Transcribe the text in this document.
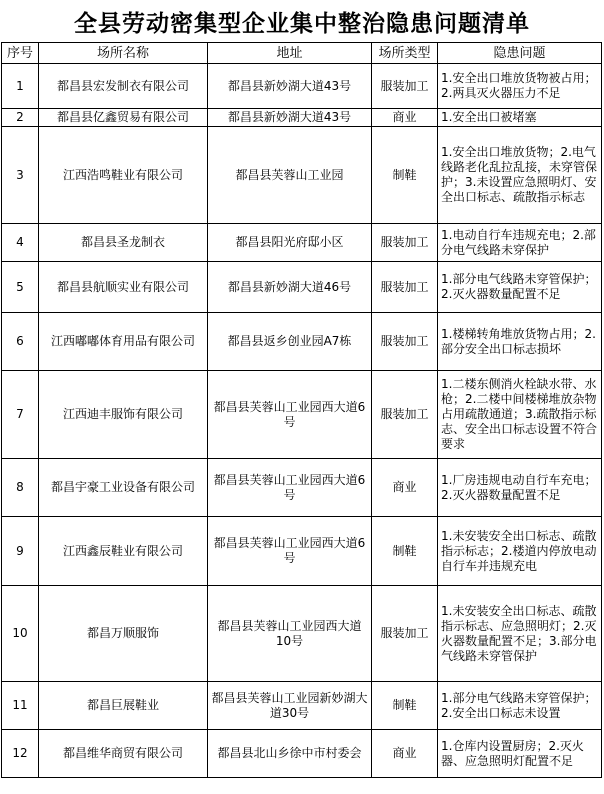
全县劳动密集型企业集中整治隐患问题清单
序号	场所名称	地址	场所类型	隐患问题
1	都昌县宏发制衣有限公司	都昌县新妙湖大道43号	服装加工	1.安全出口堆放货物被占用；2.两具灭火器压力不足
2	都昌县亿鑫贸易有限公司	都昌县新妙湖大道43号	商业	1.安全出口被堵塞
3	江西浩鸣鞋业有限公司	都昌县芙蓉山工业园	制鞋	1.安全出口堆放货物；2.电气线路老化乱拉乱接，未穿管保护；3.未设置应急照明灯、安全出口标志、疏散指示标志
4	都昌县圣龙制衣	都昌县阳光府邸小区	服装加工	1.电动自行车违规充电；2.部分电气线路未穿保护
5	都昌县航顺实业有限公司	都昌县新妙湖大道46号	服装加工	1.部分电气线路未穿管保护；2.灭火器数量配置不足
6	江西嘟嘟体育用品有限公司	都昌县返乡创业园A7栋	服装加工	1.楼梯转角堆放货物占用；2.部分安全出口标志损坏
7	江西迪丰服饰有限公司	都昌县芙蓉山工业园西大道6号	服装加工	1.二楼东侧消火栓缺水带、水枪；2.二楼中间楼梯堆放杂物占用疏散通道；3.疏散指示标志、安全出口标志设置不符合要求
8	都昌宇豪工业设备有限公司	都昌县芙蓉山工业园西大道6号	商业	1.厂房违规电动自行车充电；2.灭火器数量配置不足
9	江西鑫辰鞋业有限公司	都昌县芙蓉山工业园西大道6号	制鞋	1.未安装安全出口标志、疏散指示标志；2.楼道内停放电动自行车并违规充电
10	都昌万顺服饰	都昌县芙蓉山工业园西大道10号	服装加工	1.未安装安全出口标志、疏散指示标志、应急照明灯；2.灭火器数量配置不足；3.部分电气线路未穿管保护
11	都昌巨展鞋业	都昌县芙蓉山工业园新妙湖大道30号	制鞋	1.部分电气线路未穿管保护；2.安全出口标志未设置
12	都昌维华商贸有限公司	都昌县北山乡徐中市村委会	商业	1.仓库内设置厨房；2.灭火器、应急照明灯配置不足
